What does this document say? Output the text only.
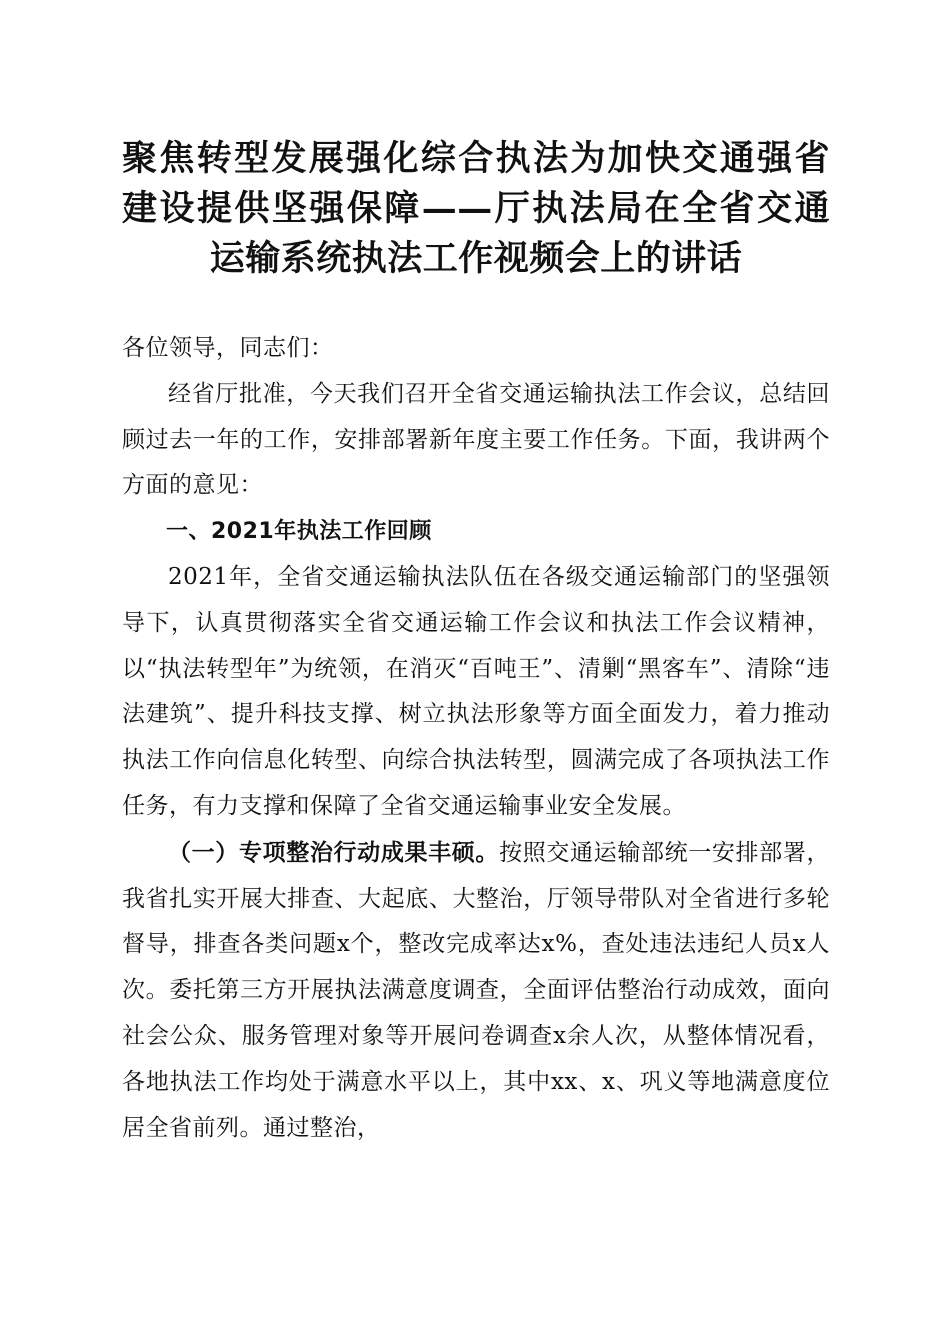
聚焦转型发展强化综合执法为加快交通强省建设提供坚强保障——厅执法局在全省交通运输系统执法工作视频会上的讲话

各位领导，同志们：

经省厅批准，今天我们召开全省交通运输执法工作会议，总结回顾过去一年的工作，安排部署新年度主要工作任务。下面，我讲两个方面的意见：

一、2021年执法工作回顾

2021年，全省交通运输执法队伍在各级交通运输部门的坚强领导下，认真贯彻落实全省交通运输工作会议和执法工作会议精神，以“执法转型年”为统领，在消灭“百吨王”、清剿“黑客车”、清除“违法建筑”、提升科技支撑、树立执法形象等方面全面发力，着力推动执法工作向信息化转型、向综合执法转型，圆满完成了各项执法工作任务，有力支撑和保障了全省交通运输事业安全发展。

（一）专项整治行动成果丰硕。按照交通运输部统一安排部署，我省扎实开展大排查、大起底、大整治，厅领导带队对全省进行多轮督导，排查各类问题x个，整改完成率达x%，查处违法违纪人员x人次。委托第三方开展执法满意度调查，全面评估整治行动成效，面向社会公众、服务管理对象等开展问卷调查x余人次，从整体情况看，各地执法工作均处于满意水平以上，其中xx、x、巩义等地满意度位居全省前列。通过整治，
